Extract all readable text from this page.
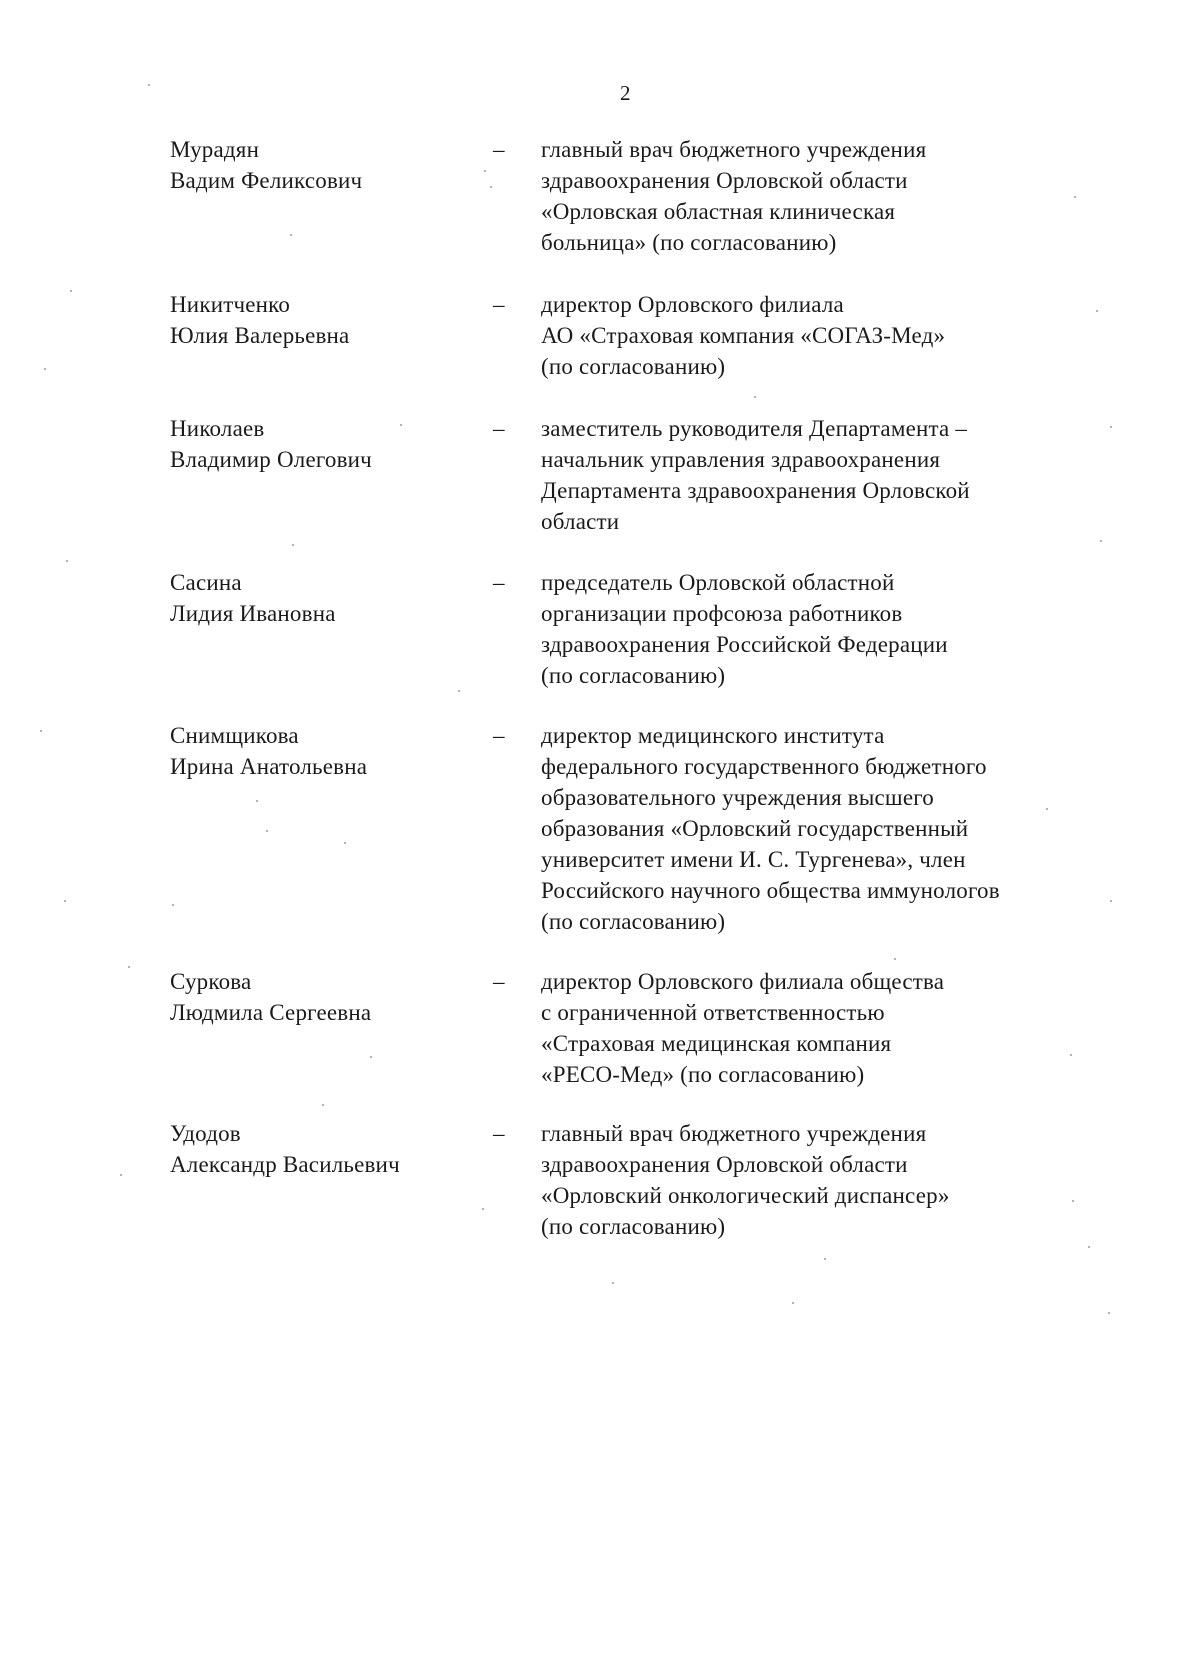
2
Мурадян
Вадим Феликсович
– главный врач бюджетного учреждения
здравоохранения Орловской области
«Орловская областная клиническая
больница» (по согласованию)
Никитченко
Юлия Валерьевна
– директор Орловского филиала
АО «Страховая компания «СОГАЗ-Мед»
(по согласованию)
Николаев
Владимир Олегович
– заместитель руководителя Департамента –
начальник управления здравоохранения
Департамента здравоохранения Орловской
области
Сасина
Лидия Ивановна
– председатель Орловской областной
организации профсоюза работников
здравоохранения Российской Федерации
(по согласованию)
Снимщикова
Ирина Анатольевна
– директор медицинского института
федерального государственного бюджетного
образовательного учреждения высшего
образования «Орловский государственный
университет имени И. С. Тургенева», член
Российского научного общества иммунологов
(по согласованию)
Суркова
Людмила Сергеевна
– директор Орловского филиала общества
с ограниченной ответственностью
«Страховая медицинская компания
«РЕСО-Мед» (по согласованию)
Удодов
Александр Васильевич
– главный врач бюджетного учреждения
здравоохранения Орловской области
«Орловский онкологический диспансер»
(по согласованию)
